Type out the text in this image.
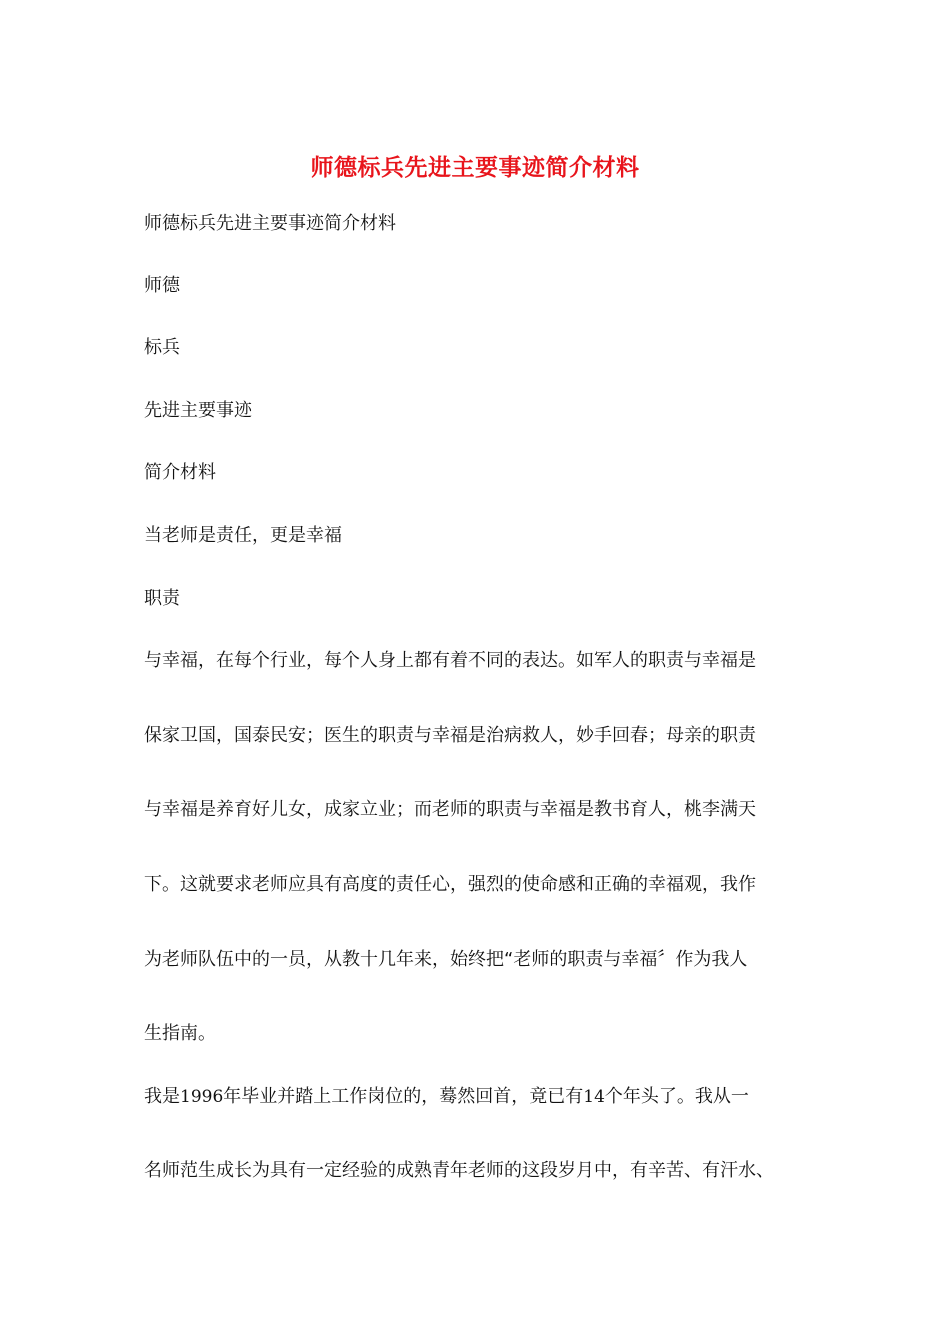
师德标兵先进主要事迹简介材料
师德标兵先进主要事迹简介材料
师德
标兵
先进主要事迹
简介材料
当老师是责任，更是幸福
职责
与幸福，在每个行业，每个人身上都有着不同的表达。如军人的职责与幸福是
保家卫国，国泰民安；医生的职责与幸福是治病救人，妙手回春；母亲的职责
与幸福是养育好儿女，成家立业；而老师的职责与幸福是教书育人，桃李满天
下。这就要求老师应具有高度的责任心，强烈的使命感和正确的幸福观，我作
为老师队伍中的一员，从教十几年来，始终把“老师的职责与幸福〞作为我人
生指南。
我是1996年毕业并踏上工作岗位的，蓦然回首，竟已有14个年头了。我从一
名师范生成长为具有一定经验的成熟青年老师的这段岁月中，有辛苦、有汗水、
